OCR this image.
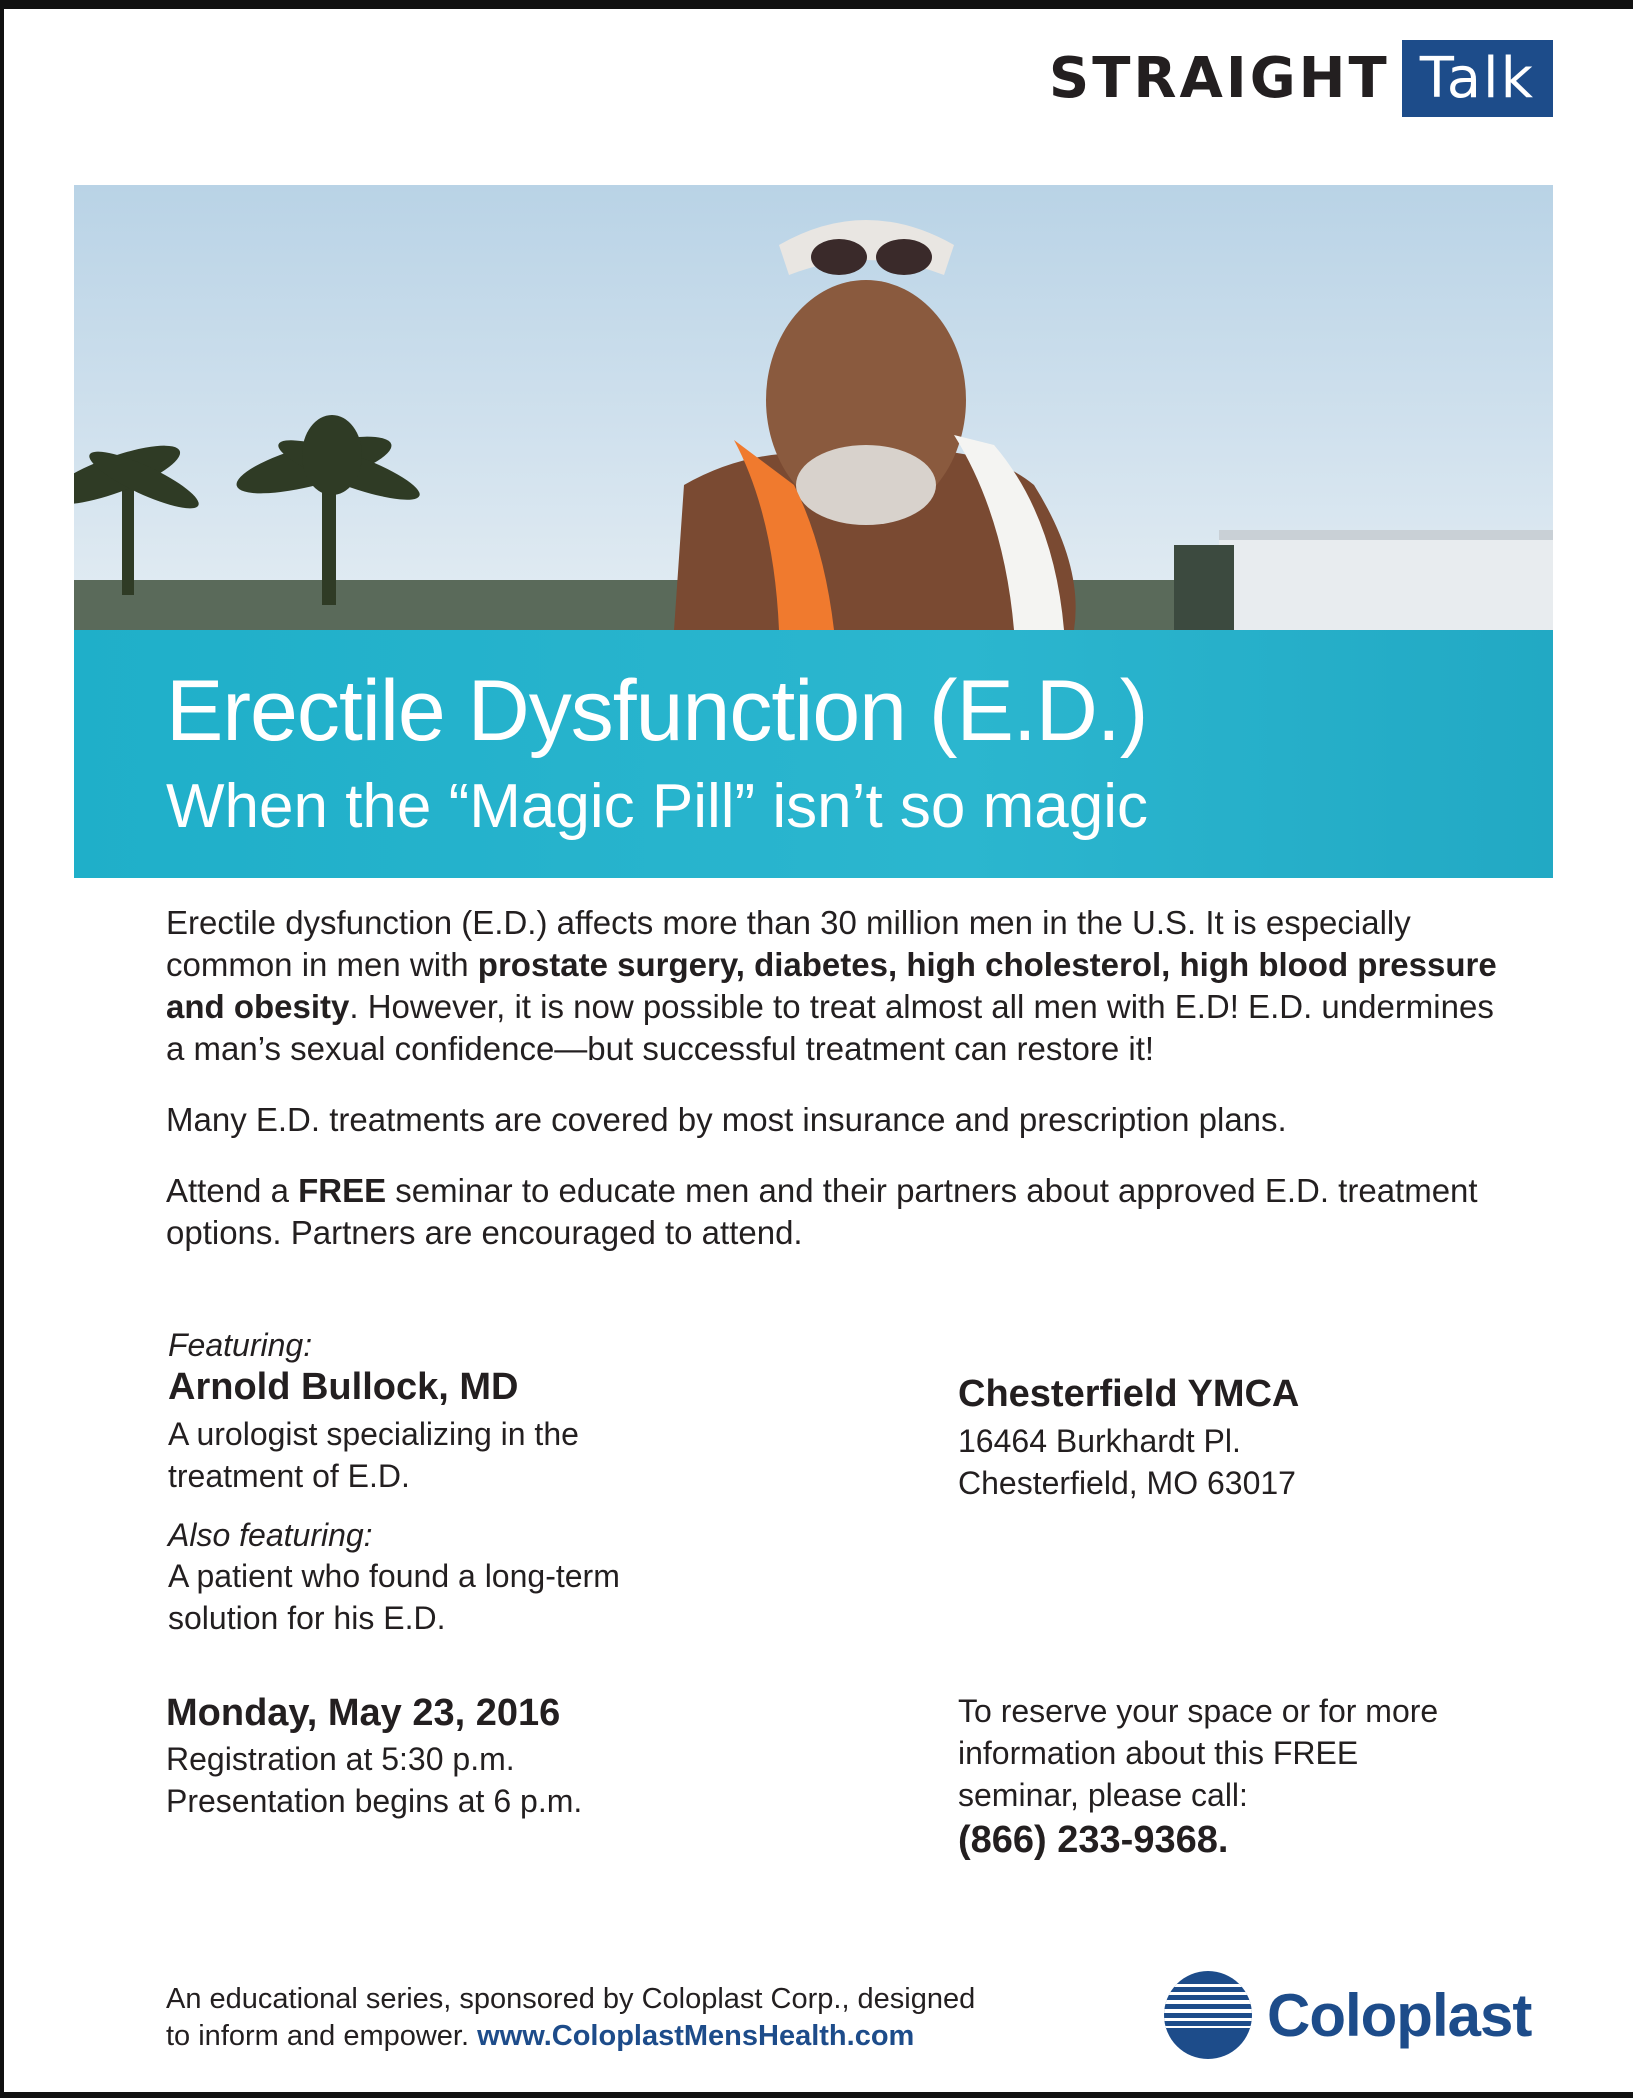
STRAIGHT Talk
Erectile Dysfunction (E.D.)
When the “Magic Pill” isn’t so magic

Erectile dysfunction (E.D.) affects more than 30 million men in the U.S. It is especially common in men with prostate surgery, diabetes, high cholesterol, high blood pressure and obesity. However, it is now possible to treat almost all men with E.D! E.D. undermines a man’s sexual confidence—but successful treatment can restore it!

Many E.D. treatments are covered by most insurance and prescription plans.

Attend a FREE seminar to educate men and their partners about approved E.D. treatment options. Partners are encouraged to attend.

Featuring:

Arnold Bullock, MD

A urologist specializing in the

treatment of E.D.

Also featuring:

A patient who found a long-term

solution for his E.D.

Chesterfield YMCA

16464 Burkhardt Pl.

Chesterfield, MO 63017

Monday, May 23, 2016

Registration at 5:30 p.m.

Presentation begins at 6 p.m.

To reserve your space or for more

information about this FREE

seminar, please call:

(866) 233-9368.

An educational series, sponsored by Coloplast Corp., designed

to inform and empower. www.ColoplastMensHealth.com	Coloplast
